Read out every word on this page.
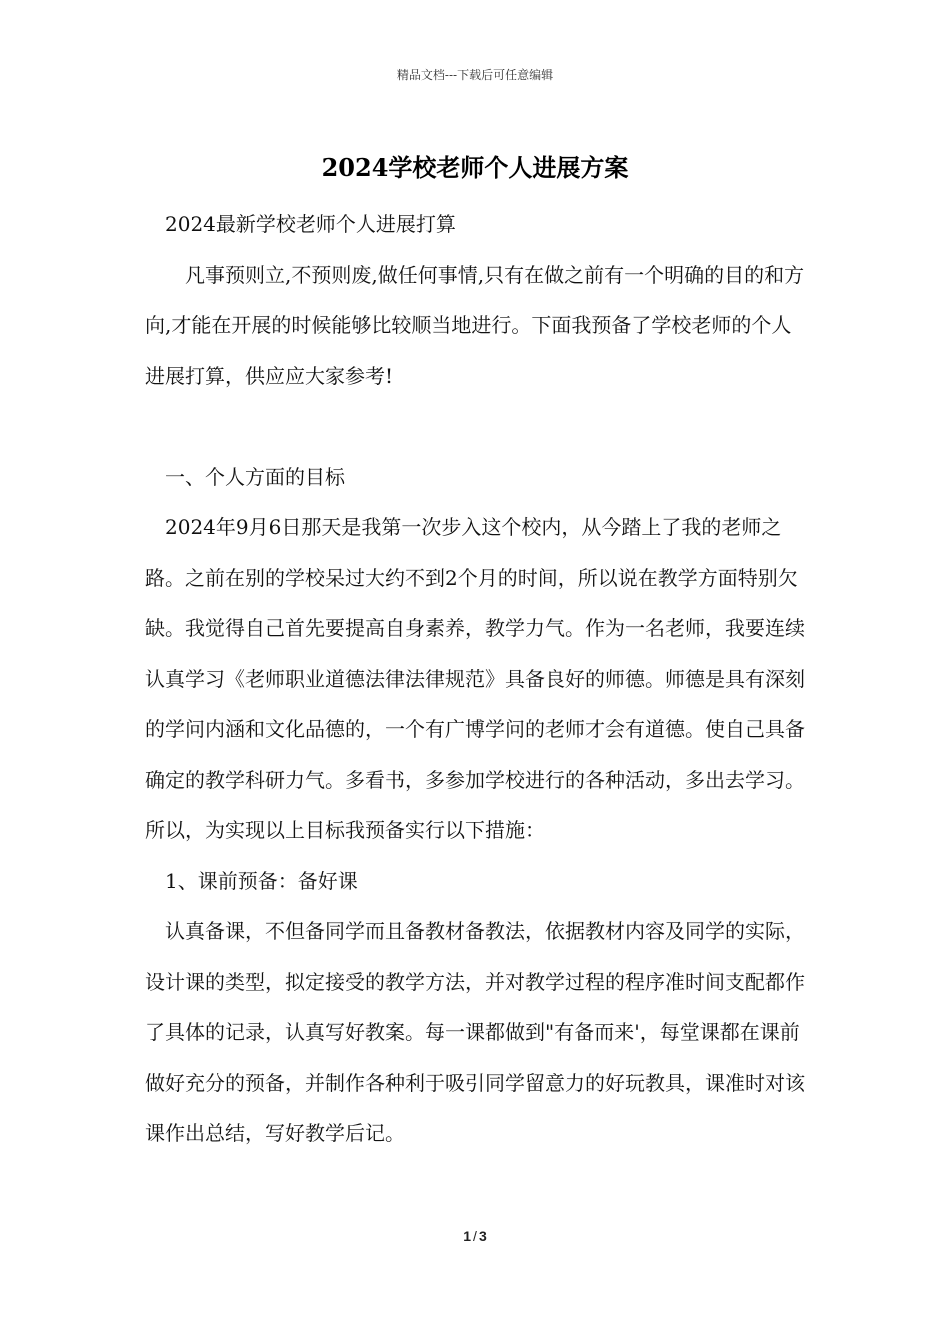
精品文档---下载后可任意编辑
2024学校老师个人进展方案

2024最新学校老师个人进展打算

凡事预则立,不预则废,做任何事情,只有在做之前有一个明确的目的和方向,才能在开展的时候能够比较顺当地进行。下面我预备了学校老师的个人进展打算，供应应大家参考!

一、个人方面的目标

2024年9月6日那天是我第一次步入这个校内，从今踏上了我的老师之路。之前在别的学校呆过大约不到2个月的时间，所以说在教学方面特别欠缺。我觉得自己首先要提高自身素养，教学力气。作为一名老师，我要连续认真学习《老师职业道德法律法律规范》具备良好的师德。师德是具有深刻的学问内涵和文化品德的，一个有广博学问的老师才会有道德。使自己具备确定的教学科研力气。多看书，多参加学校进行的各种活动，多出去学习。所以，为实现以上目标我预备实行以下措施：

1、课前预备：备好课

认真备课，不但备同学而且备教材备教法，依据教材内容及同学的实际，设计课的类型，拟定接受的教学方法，并对教学过程的程序准时间支配都作了具体的记录，认真写好教案。每一课都做到"有备而来'，每堂课都在课前做好充分的预备，并制作各种利于吸引同学留意力的好玩教具，课准时对该课作出总结，写好教学后记。

1 / 3
